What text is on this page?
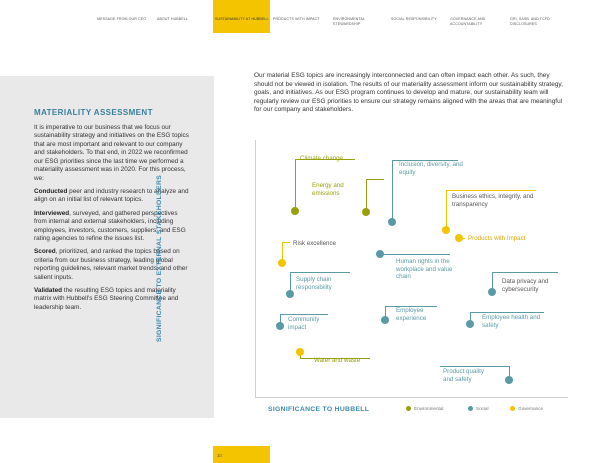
MESSAGE FROM OUR CEO	ABOUT HUBBELL	SUSTAINABILITY AT HUBBELL	PRODUCTS WITH IMPACT	ENVIRONMENTAL STEWARDSHIP
SOCIAL RESPONSIBILITY	GOVERNANCE AND ACCOUNTABILITY
GRI, SASB, AND TCFD DISCLOSURES
MATERIALITY ASSESSMENT

It is imperative to our business that we focus our sustainability strategy and initiatives on the ESG topics that are most important and relevant to our company and stakeholders. To that end, in 2022 we reconfirmed our ESG priorities since the last time we performed a materiality assessment was in 2020. For this process, we:

Conducted peer and industry research to analyze and align on an initial list of relevant topics.

Interviewed, surveyed, and gathered perspectives from internal and external stakeholders, including employees, investors, customers, suppliers, and ESG rating agencies to refine the issues list.

Scored, prioritized, and ranked the topics based on criteria from our business strategy, leading global reporting guidelines, relevant market trends, and other salient inputs.

Validated the resulting ESG topics and materiality matrix with Hubbell's ESG Steering Committee and leadership team.

Our material ESG topics are increasingly interconnected and can often impact each other. As such, they should not be viewed in isolation. The results of our materiality assessment inform our sustainability strategy, goals, and initiatives. As our ESG program continues to develop and mature, our sustainability team will regularly review our ESG priorities to ensure our strategy remains aligned with the areas that are meaningful for our company and stakeholders.
SIGNIFICANCE TO EXTERNAL STAKEHOLDERS
SIGNIFICANCE TO HUBBELL
Climate change
Energy and emissions
Inclusion, diversity, and equity
Business ethics, integrity, and transparency
Products with Impact
Risk excellence
Human rights in the workplace and value chain
Supply chain responsibility
Data privacy and cybersecurity
Employee experience
Community impact
Employee health and safety
Water and waste
Product quality and safety
Environmental	Social	Governance
10
